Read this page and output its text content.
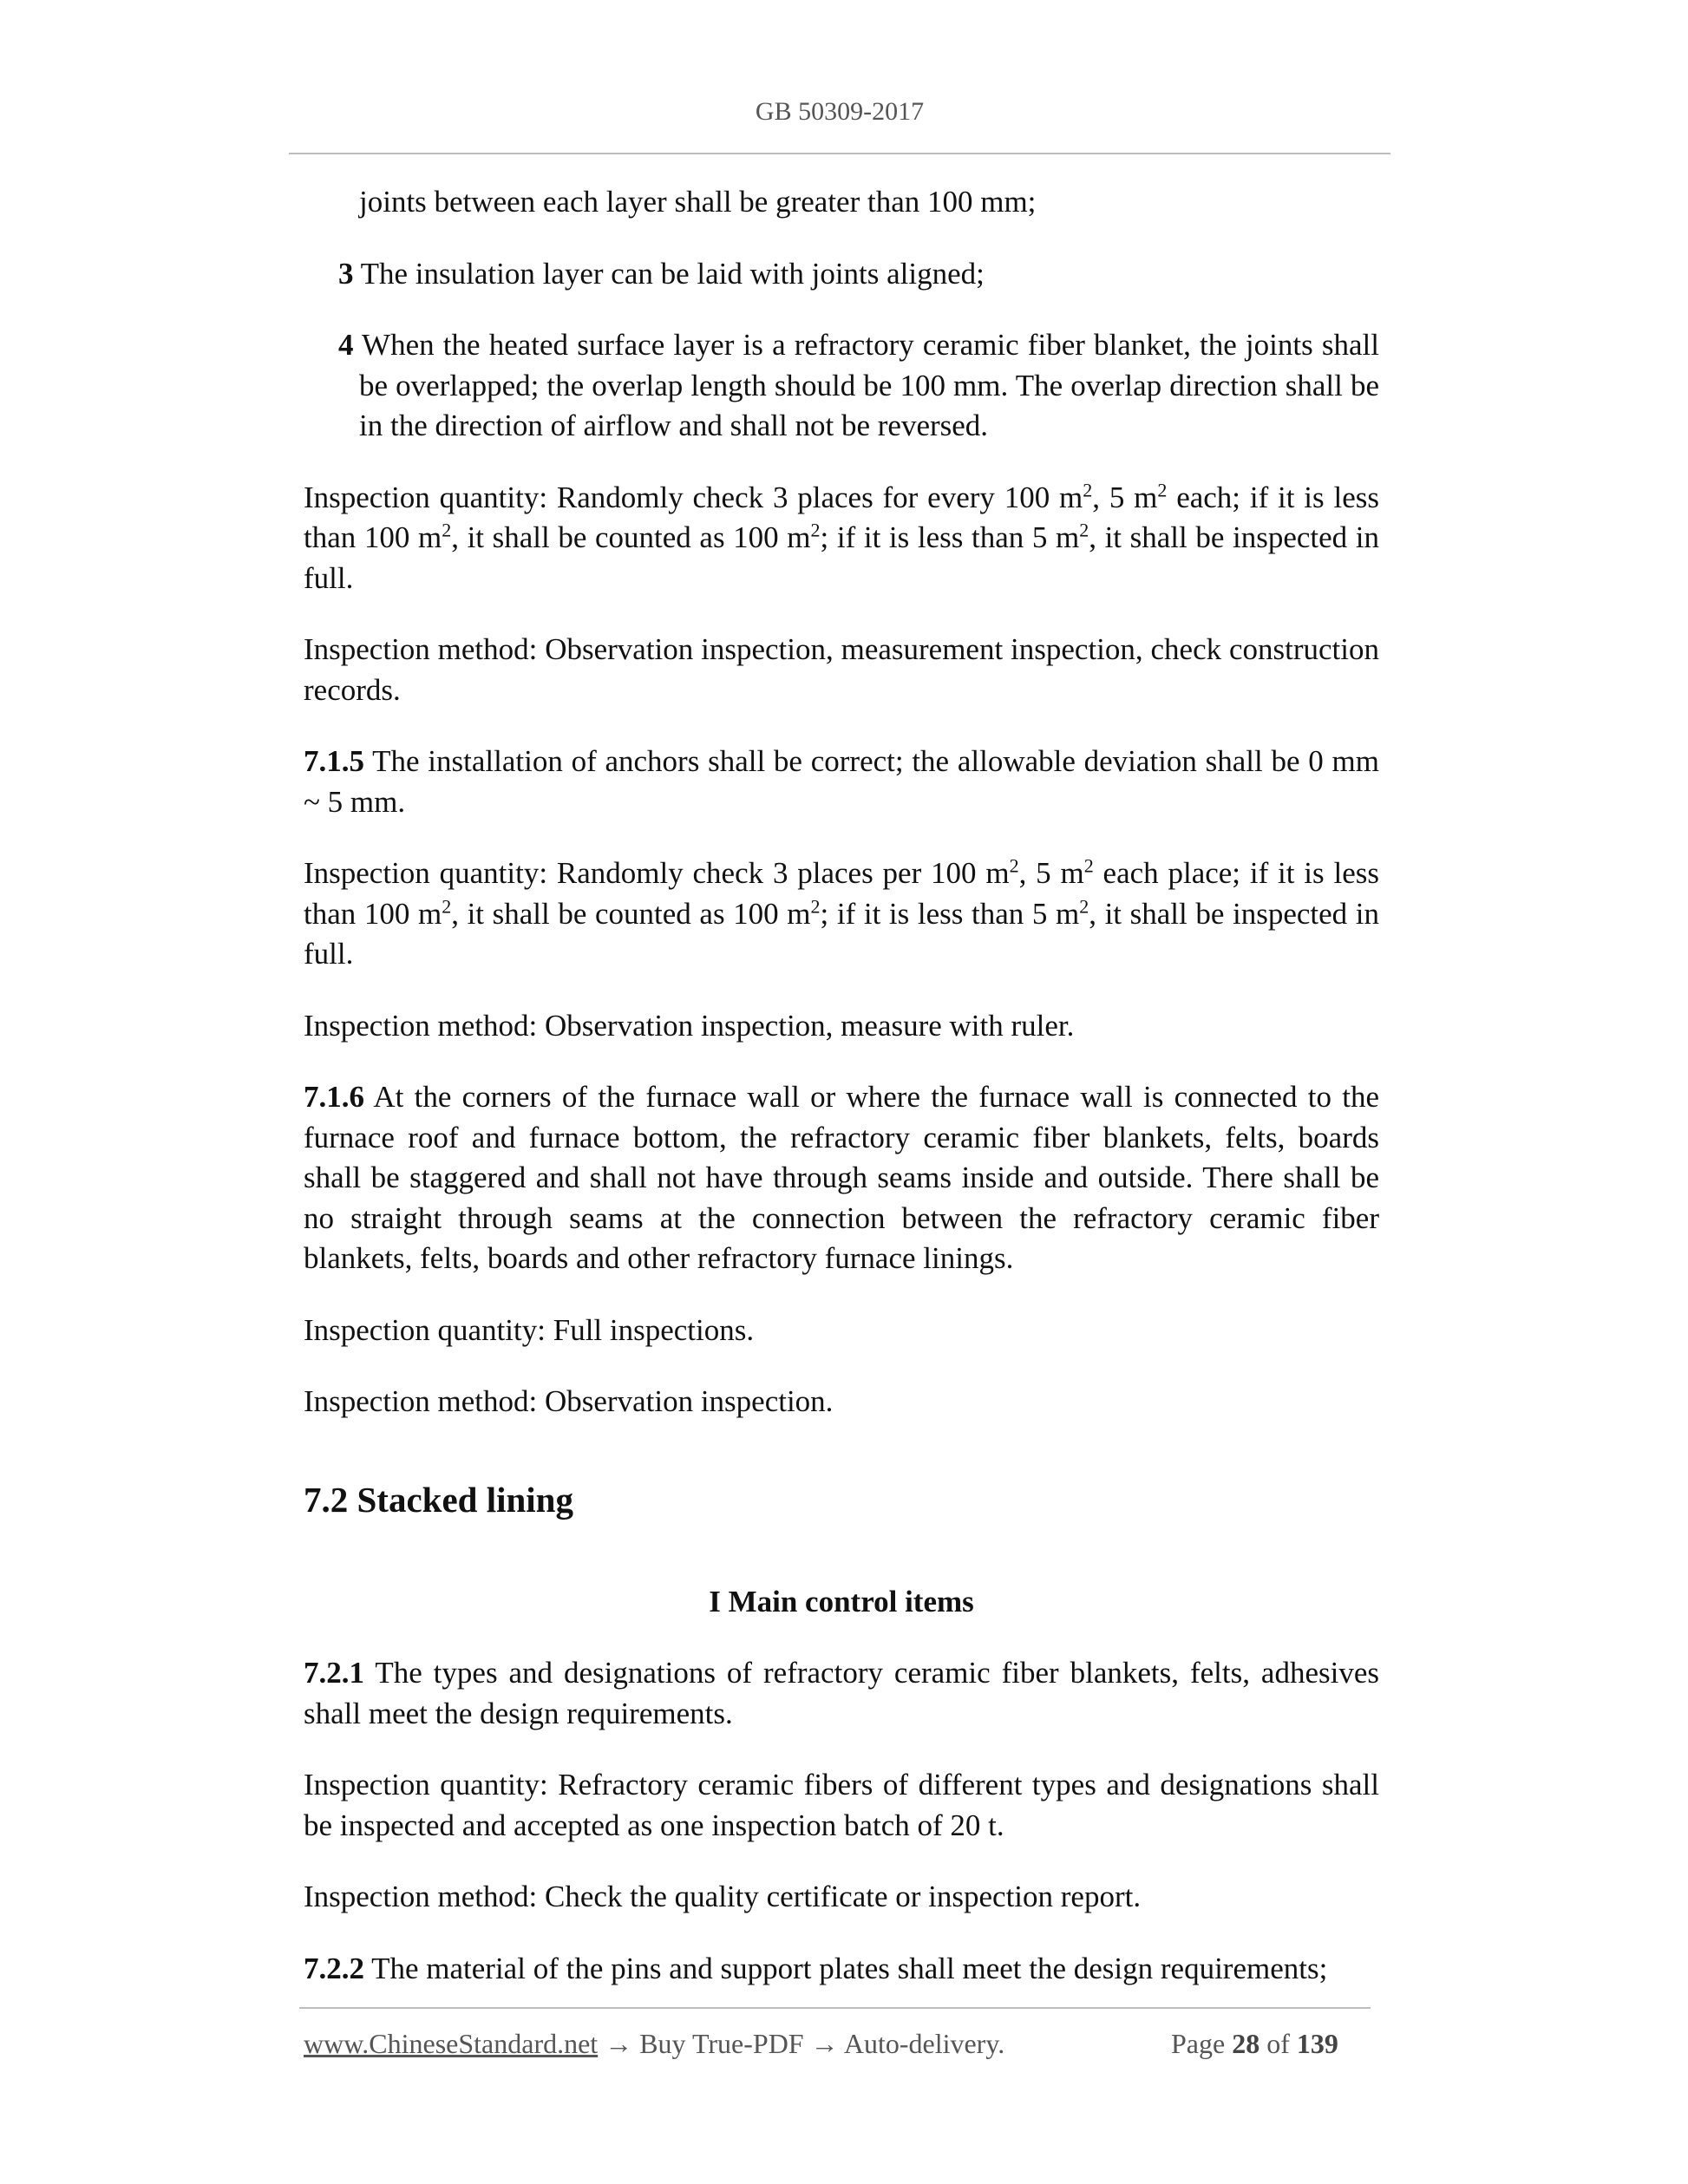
GB 50309-2017

joints between each layer shall be greater than 100 mm;

3 The insulation layer can be laid with joints aligned;

4 When the heated surface layer is a refractory ceramic fiber blanket, the joints shall be overlapped; the overlap length should be 100 mm. The overlap direction shall be in the direction of airflow and shall not be reversed.

Inspection quantity: Randomly check 3 places for every 100 $m^2$, 5 $m^2$ each; if it is less than 100 $m^2$, it shall be counted as 100 $m^2$; if it is less than 5 $m^2$, it shall be inspected in full.

Inspection method: Observation inspection, measurement inspection, check construction records.

7.1.5 The installation of anchors shall be correct; the allowable deviation shall be 0 mm ~ 5 mm.

Inspection quantity: Randomly check 3 places per 100 $m^2$, 5 $m^2$ each place; if it is less than 100 $m^2$, it shall be counted as 100 $m^2$; if it is less than 5 $m^2$, it shall be inspected in full.

Inspection method: Observation inspection, measure with ruler.

7.1.6 At the corners of the furnace wall or where the furnace wall is connected to the furnace roof and furnace bottom, the refractory ceramic fiber blankets, felts, boards shall be staggered and shall not have through seams inside and outside. There shall be no straight through seams at the connection between the refractory ceramic fiber blankets, felts, boards and other refractory furnace linings.

Inspection quantity: Full inspections.

Inspection method: Observation inspection.

7.2 Stacked lining

I Main control items

7.2.1 The types and designations of refractory ceramic fiber blankets, felts, adhesives shall meet the design requirements.

Inspection quantity: Refractory ceramic fibers of different types and designations shall be inspected and accepted as one inspection batch of 20 t.

Inspection method: Check the quality certificate or inspection report.

7.2.2 The material of the pins and support plates shall meet the design requirements;

www.ChineseStandard.net → Buy True-PDF → Auto-delivery.	Page 28 of 139
